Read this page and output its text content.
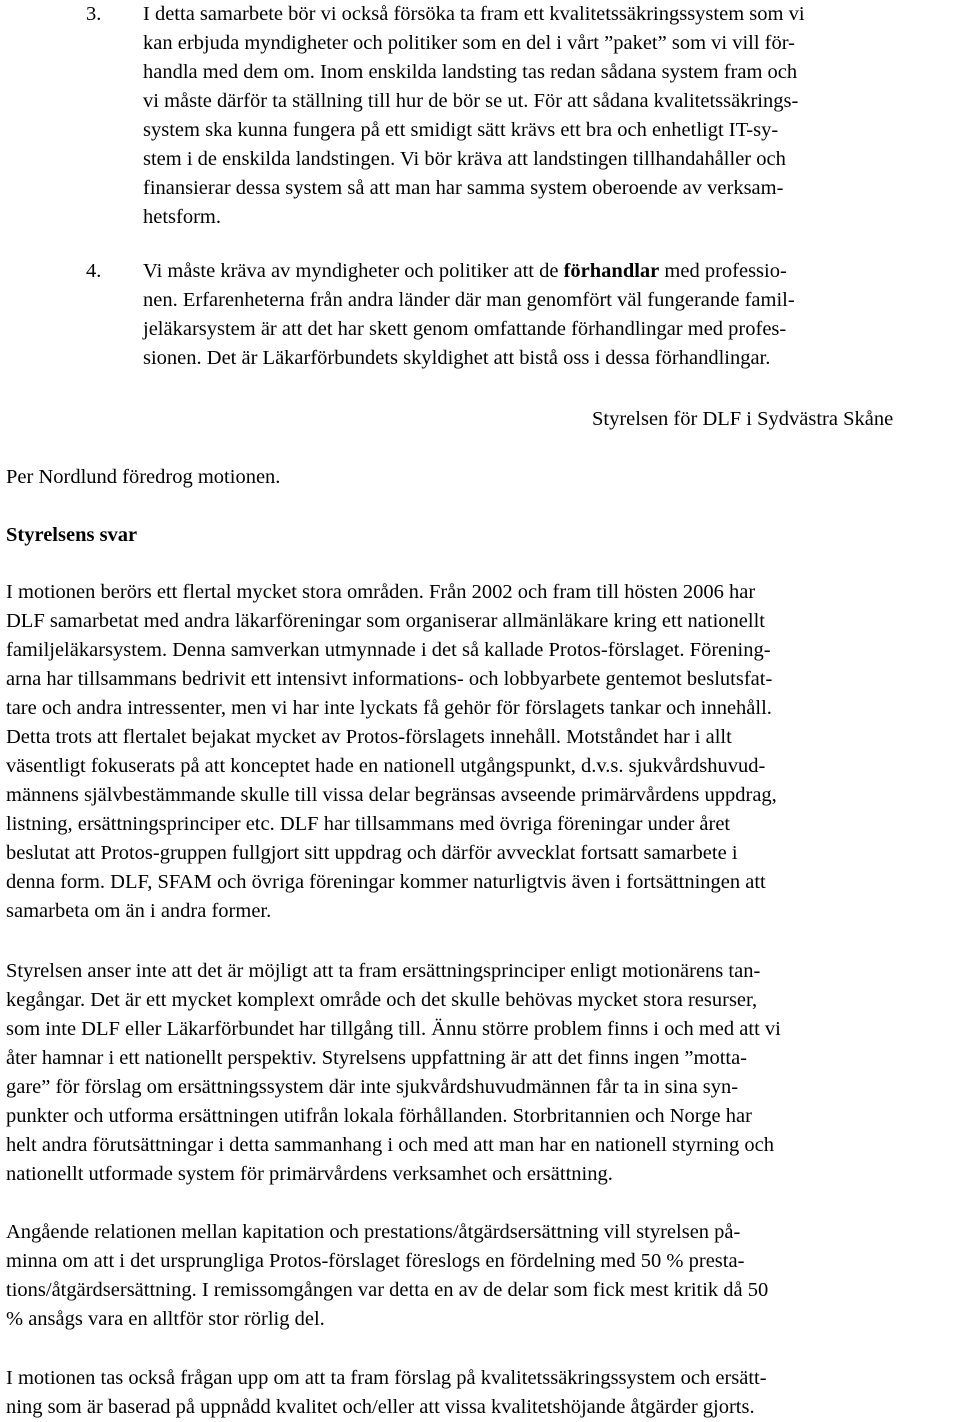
3. I detta samarbete bör vi också försöka ta fram ett kvalitetssäkringssystem som vi
kan erbjuda myndigheter och politiker som en del i vårt ”paket” som vi vill för-
handla med dem om. Inom enskilda landsting tas redan sådana system fram och
vi måste därför ta ställning till hur de bör se ut. För att sådana kvalitetssäkrings-
system ska kunna fungera på ett smidigt sätt krävs ett bra och enhetligt IT-sy-
stem i de enskilda landstingen. Vi bör kräva att landstingen tillhandahåller och
finansierar dessa system så att man har samma system oberoende av verksam-
hetsform.
4. Vi måste kräva av myndigheter och politiker att de förhandlar med professio-
nen. Erfarenheterna från andra länder där man genomfört väl fungerande famil-
jeläkarsystem är att det har skett genom omfattande förhandlingar med profes-
sionen. Det är Läkarförbundets skyldighet att bistå oss i dessa förhandlingar.
Styrelsen för DLF i Sydvästra Skåne
Per Nordlund föredrog motionen.
Styrelsens svar
I motionen berörs ett flertal mycket stora områden. Från 2002 och fram till hösten 2006 har
DLF samarbetat med andra läkarföreningar som organiserar allmänläkare kring ett nationellt
familjeläkarsystem. Denna samverkan utmynnade i det så kallade Protos-förslaget. Förening-
arna har tillsammans bedrivit ett intensivt informations- och lobbyarbete gentemot beslutsfat-
tare och andra intressenter, men vi har inte lyckats få gehör för förslagets tankar och innehåll.
Detta trots att flertalet bejakat mycket av Protos-förslagets innehåll. Motståndet har i allt
väsentligt fokuserats på att konceptet hade en nationell utgångspunkt, d.v.s. sjukvårdshuvud-
männens självbestämmande skulle till vissa delar begränsas avseende primärvårdens uppdrag,
listning, ersättningsprinciper etc. DLF har tillsammans med övriga föreningar under året
beslutat att Protos-gruppen fullgjort sitt uppdrag och därför avvecklat fortsatt samarbete i
denna form. DLF, SFAM och övriga föreningar kommer naturligtvis även i fortsättningen att
samarbeta om än i andra former.
Styrelsen anser inte att det är möjligt att ta fram ersättningsprinciper enligt motionärens tan-
kegångar. Det är ett mycket komplext område och det skulle behövas mycket stora resurser,
som inte DLF eller Läkarförbundet har tillgång till. Ännu större problem finns i och med att vi
åter hamnar i ett nationellt perspektiv. Styrelsens uppfattning är att det finns ingen ”motta-
gare” för förslag om ersättningssystem där inte sjukvårdshuvudmännen får ta in sina syn-
punkter och utforma ersättningen utifrån lokala förhållanden. Storbritannien och Norge har
helt andra förutsättningar i detta sammanhang i och med att man har en nationell styrning och
nationellt utformade system för primärvårdens verksamhet och ersättning.
Angående relationen mellan kapitation och prestations/åtgärdsersättning vill styrelsen på-
minna om att i det ursprungliga Protos-förslaget föreslogs en fördelning med 50 % presta-
tions/åtgärdsersättning. I remissomgången var detta en av de delar som fick mest kritik då 50
% ansågs vara en alltför stor rörlig del.
I motionen tas också frågan upp om att ta fram förslag på kvalitetssäkringssystem och ersätt-
ning som är baserad på uppnådd kvalitet och/eller att vissa kvalitetshöjande åtgärder gjorts.
